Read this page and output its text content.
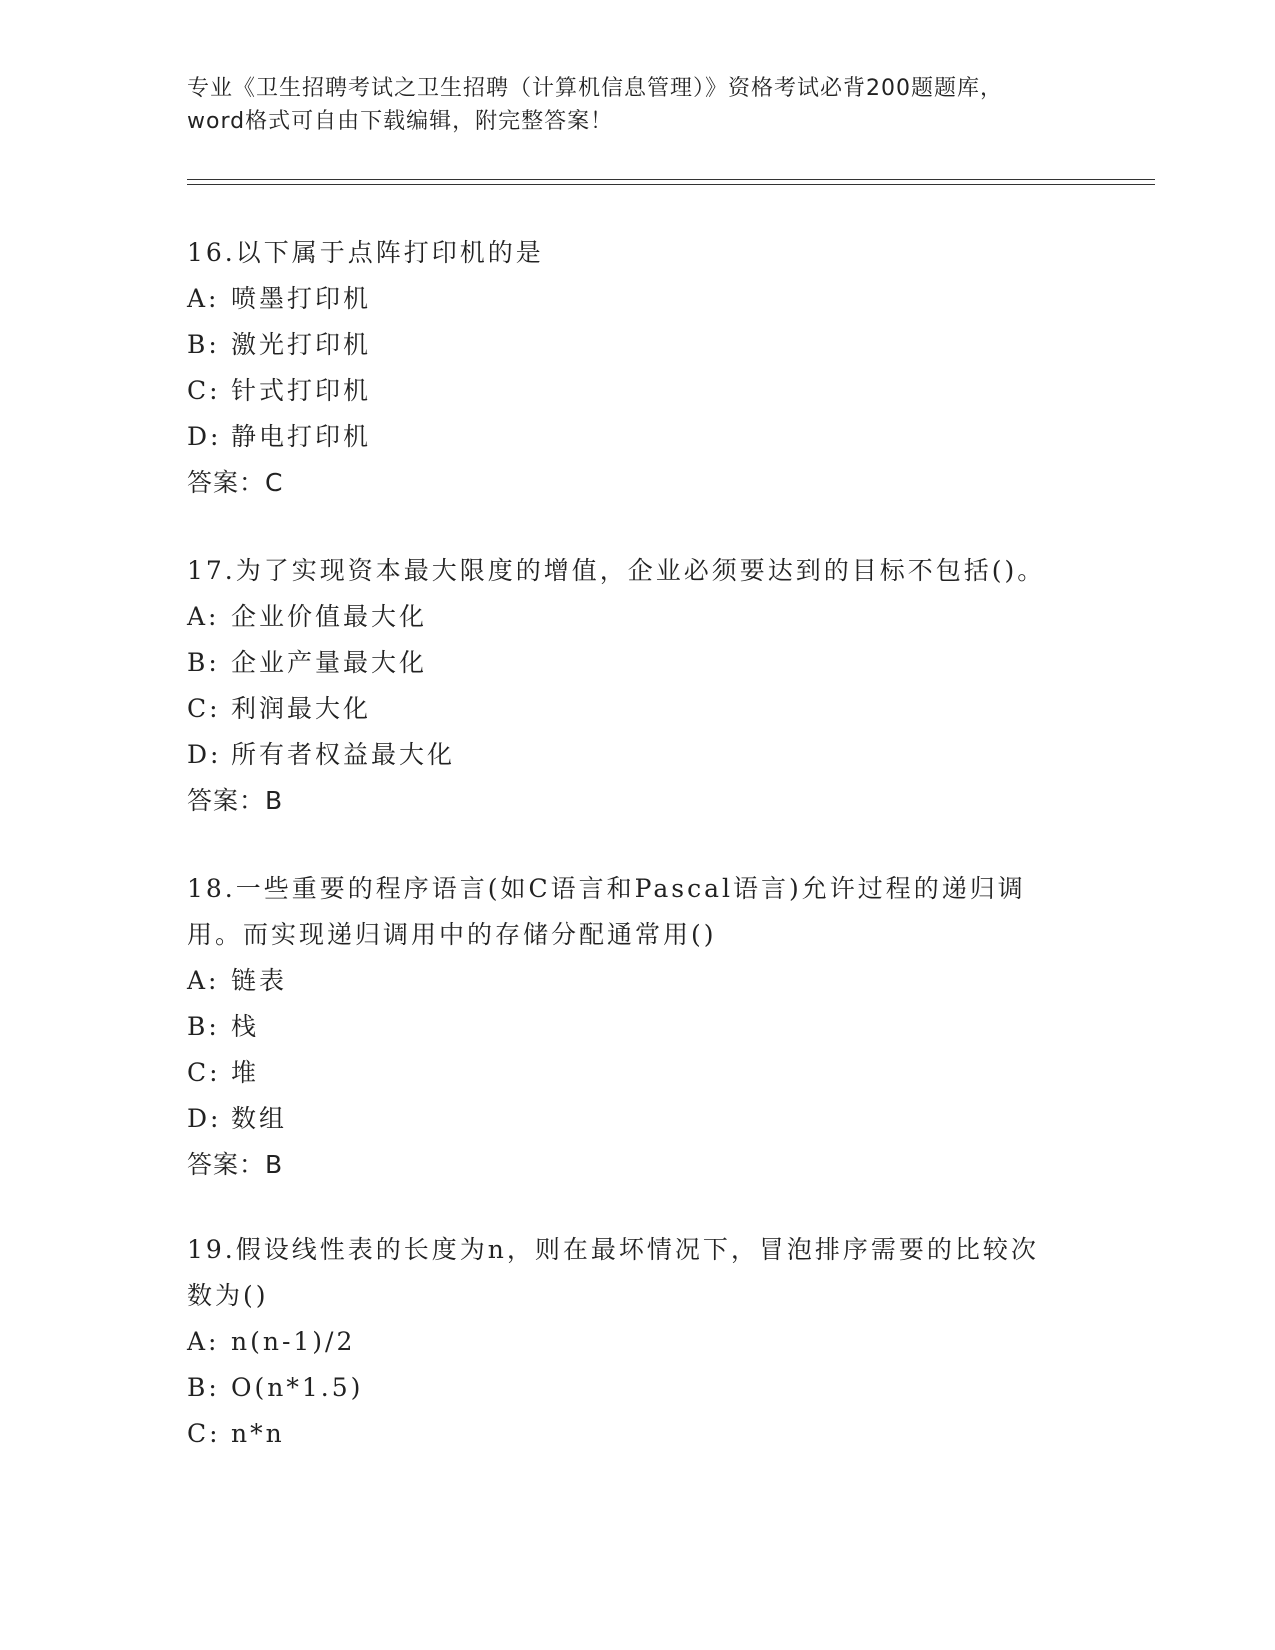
专业《卫生招聘考试之卫生招聘（计算机信息管理）》资格考试必背200题题库，
word格式可自由下载编辑，附完整答案！

16.以下属于点阵打印机的是

A: 喷墨打印机

B: 激光打印机

C: 针式打印机

D: 静电打印机

答案：C

17.为了实现资本最大限度的增值，企业必须要达到的目标不包括()。

A: 企业价值最大化

B: 企业产量最大化

C: 利润最大化

D: 所有者权益最大化

答案：B

18.一些重要的程序语言(如C语言和Pascal语言)允许过程的递归调

用。而实现递归调用中的存储分配通常用()

A: 链表

B: 栈

C: 堆

D: 数组

答案：B

19.假设线性表的长度为n，则在最坏情况下，冒泡排序需要的比较次

数为()

A: n(n-1)/2

B: O(n*1.5)

C: n*n
